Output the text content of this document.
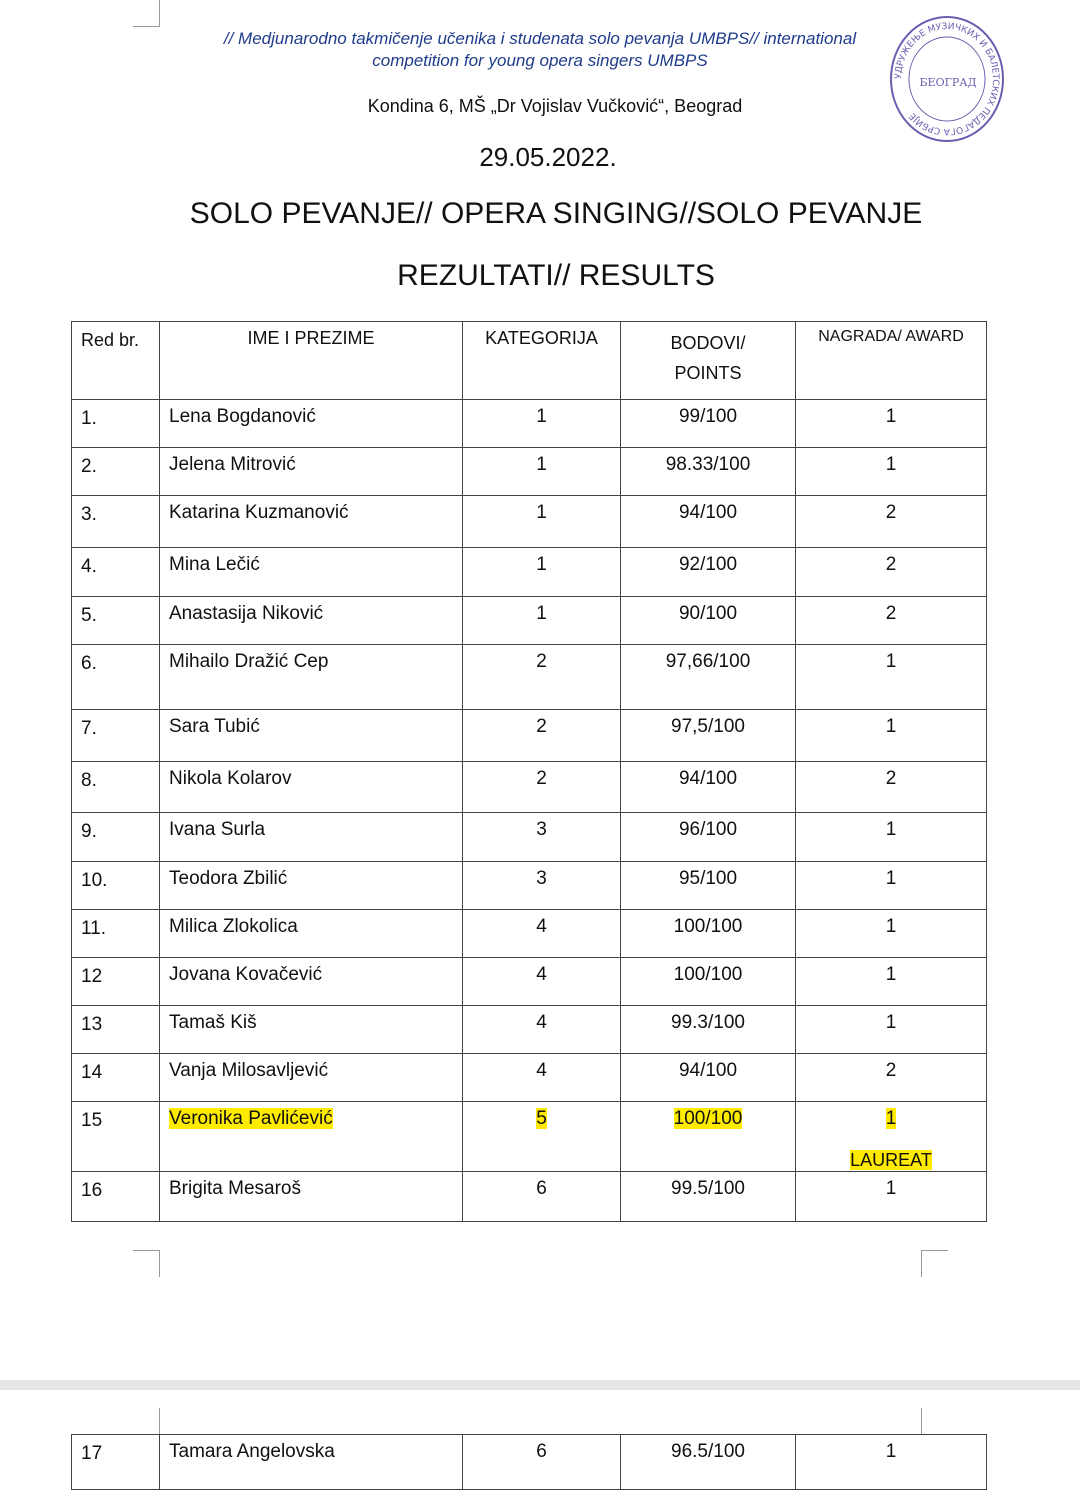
// Medjunarodno takmičenje učenika i studenata solo pevanja UMBPS// international competition for young opera singers UMBPS
Kondina 6, MŠ „Dr Vojislav Vučković“, Beograd
29.05.2022.
SOLO PEVANJE// OPERA SINGING//SOLO PEVANJE
REZULTATI// RESULTS
УДРУЖЕЊЕ МУЗИЧКИХ И БАЛЕТСКИХ ПЕДАГОГА СРБИЈЕ
БЕОГРАД
Red br.	IME I PREZIME	KATEGORIJA	BODOVI/ POINTS	NAGRADA/ AWARD
1.	Lena Bogdanović	1	99/100	1
2.	Jelena Mitrović	1	98.33/100	1
3.	Katarina Kuzmanović	1	94/100	2
4.	Mina Lečić	1	92/100	2
5.	Anastasija Niković	1	90/100	2
6.	Mihailo Dražić Cep	2	97,66/100	1
7.	Sara Tubić	2	97,5/100	1
8.	Nikola Kolarov	2	94/100	2
9.	Ivana Surla	3	96/100	1
10.	Teodora Zbilić	3	95/100	1
11.	Milica Zlokolica	4	100/100	1
12	Jovana Kovačević	4	100/100	1
13	Tamaš Kiš	4	99.3/100	1
14	Vanja Milosavljević	4	94/100	2
15	Veronika Pavlićević	5	100/100	1
LAUREAT

16	Brigita Mesaroš	6	99.5/100	1
17	Tamara Angelovska	6	96.5/100	1
